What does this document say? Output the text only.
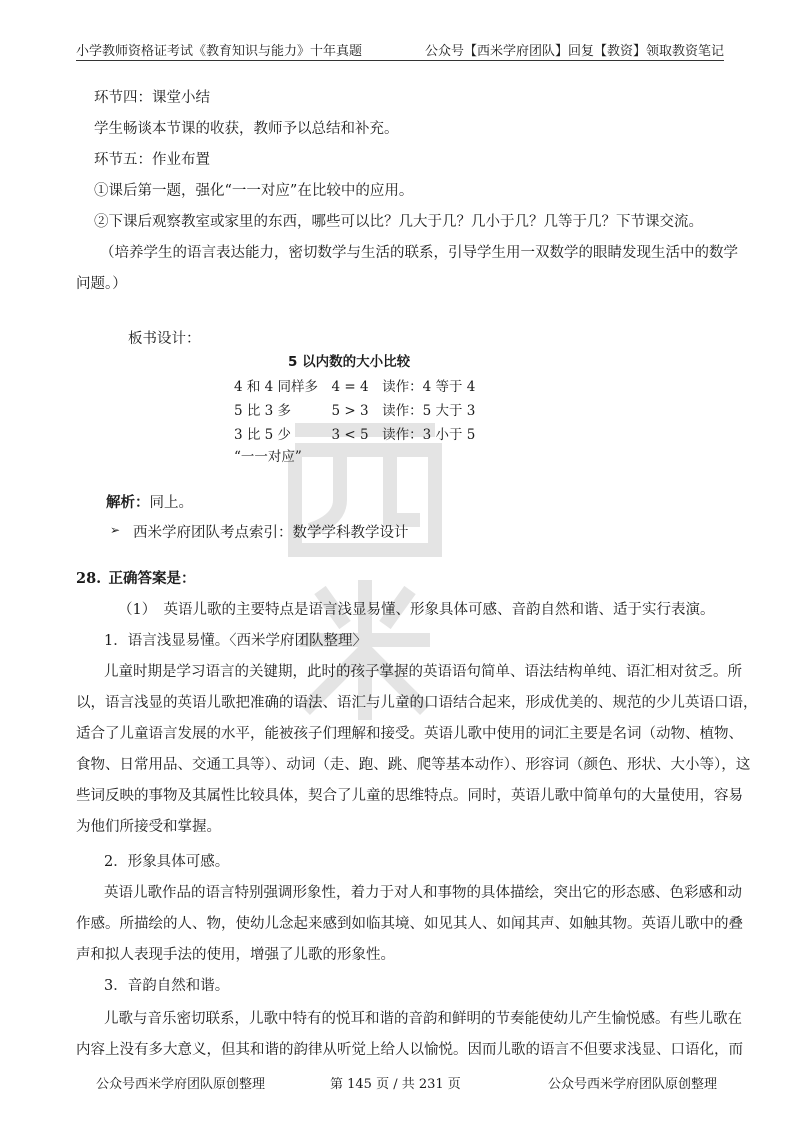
小学教师资格证考试《教育知识与能力》十年真题	公众号【西米学府团队】回复【教资】领取教资笔记
环节四：课堂小结
学生畅谈本节课的收获，教师予以总结和补充。
环节五：作业布置
①课后第一题，强化“一一对应”在比较中的应用。
②下课后观察教室或家里的东西，哪些可以比？几大于几？几小于几？几等于几？下节课交流。
（培养学生的语言表达能力，密切数学与生活的联系，引导学生用一双数学的眼睛发现生活中的数学
问题。）
板书设计：
5 以内数的大小比较
4 和 4 同样多　4 = 4　读作：4 等于 4
5 比 3 多　　　5 > 3　读作：5 大于 3
3 比 5 少　　　3 < 5　读作：3 小于 5
“一一对应”
解析：同上。
➢ 西米学府团队考点索引：数学学科教学设计
28.  正确答案是：
（1）　英语儿歌的主要特点是语言浅显易懂、形象具体可感、音韵自然和谐、适于实行表演。
1．语言浅显易懂。〈西米学府团队整理〉
儿童时期是学习语言的关键期，此时的孩子掌握的英语语句简单、语法结构单纯、语汇相对贫乏。所
以，语言浅显的英语儿歌把准确的语法、语汇与儿童的口语结合起来，形成优美的、规范的少儿英语口语，
适合了儿童语言发展的水平，能被孩子们理解和接受。英语儿歌中使用的词汇主要是名词（动物、植物、
食物、日常用品、交通工具等）、动词（走、跑、跳、爬等基本动作）、形容词（颜色、形状、大小等），这
些词反映的事物及其属性比较具体，契合了儿童的思维特点。同时，英语儿歌中简单句的大量使用，容易
为他们所接受和掌握。
2．形象具体可感。
英语儿歌作品的语言特别强调形象性，着力于对人和事物的具体描绘，突出它的形态感、色彩感和动
作感。所描绘的人、物，使幼儿念起来感到如临其境、如见其人、如闻其声、如触其物。英语儿歌中的叠
声和拟人表现手法的使用，增强了儿歌的形象性。
3．音韵自然和谐。
儿歌与音乐密切联系，儿歌中特有的悦耳和谐的音韵和鲜明的节奏能使幼儿产生愉悦感。有些儿歌在
内容上没有多大意义，但其和谐的韵律从听觉上给人以愉悦。因而儿歌的语言不但要求浅显、口语化，而
公众号西米学府团队原创整理	第 145 页 / 共 231 页	公众号西米学府团队原创整理
